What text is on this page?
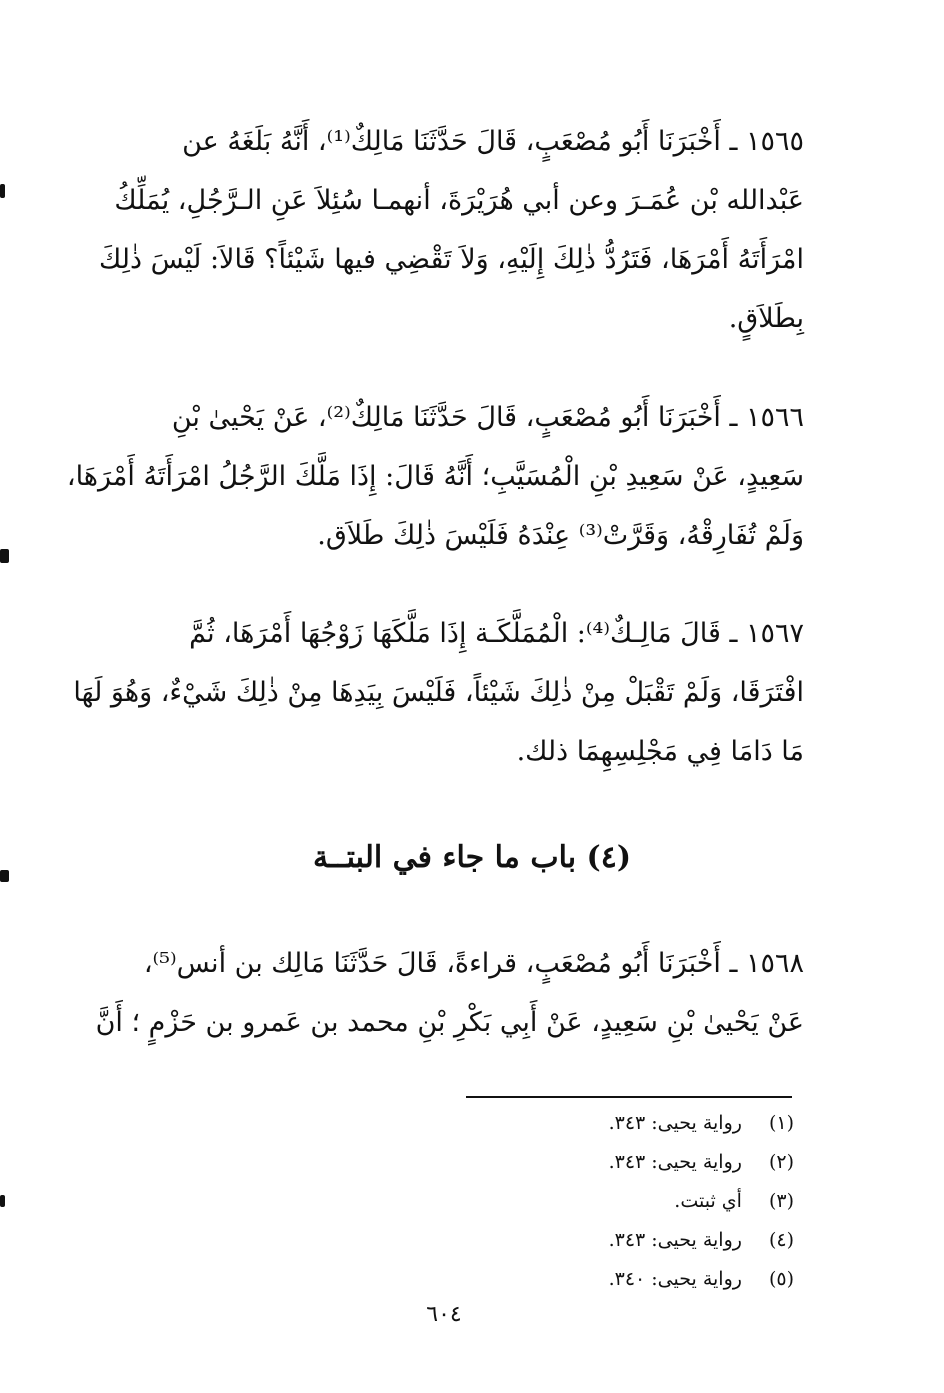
١٥٦٥ ـ أَخْبَرَنَا أَبُو مُصْعَبٍ، قَالَ حَدَّثَنَا مَالِكٌ⁽¹⁾، أَنَّهُ بَلَغَهُ عن
عَبْدالله بْن عُمَـرَ وعن أبي هُرَيْرَةَ، أنهمـا سُئِلاَ عَنِ الـرَّجُلِ، يُمَلِّكُ
امْرَأَتَهُ أَمْرَهَا، فَتَرُدُّ ذٰلِكَ إِلَيْهِ، وَلاَ تَقْضِي فيها شَيْئاً؟ قَالاَ: لَيْسَ ذٰلِكَ
بِطَلاَقٍ.
١٥٦٦ ـ أَخْبَرَنَا أَبُو مُصْعَبٍ، قَالَ حَدَّثَنَا مَالِكٌ⁽²⁾، عَنْ يَحْيىٰ بْنِ
سَعِيدٍ، عَنْ سَعِيدِ بْنِ الْمُسَيَّبِ؛ أَنَّهُ قَالَ: إِذَا مَلَّكَ الرَّجُلُ امْرَأَتَهُ أَمْرَهَا،
وَلَمْ تُفَارِقْهُ، وَقَرَّتْ⁽³⁾ عِنْدَهُ فَلَيْسَ ذٰلِكَ طَلاَق.
١٥٦٧ ـ قَالَ مَالِـكٌ⁽⁴⁾: الْمُمَلَّكَـة إِذَا مَلَّكَهَا زَوْجُهَا أَمْرَهَا، ثُمَّ
افْتَرَقَا، وَلَمْ تَقْبَلْ مِنْ ذٰلِكَ شَيْئاً، فَلَيْسَ بِيَدِهَا مِنْ ذٰلِكَ شَيْءٌ، وَهُوَ لَهَا
مَا دَامَا فِي مَجْلِسِهِمَا ذلك.
(٤) باب ما جاء في البتــة
١٥٦٨ ـ أَخْبَرَنَا أَبُو مُصْعَبٍ، قراءةً، قَالَ حَدَّثَنَا مَالِك بن أنس⁽⁵⁾،
عَنْ يَحْيىٰ بْنِ سَعِيدٍ، عَنْ أَبِي بَكْرِ بْنِ محمد بن عَمرو بن حَزْمٍ ؛ أَنَّ
(١) رواية يحيى: ٣٤٣.
(٢) رواية يحيى: ٣٤٣.
(٣) أي ثبتت.
(٤) رواية يحيى: ٣٤٣.
(٥) رواية يحيى: ٣٤٠.
٦٠٤
